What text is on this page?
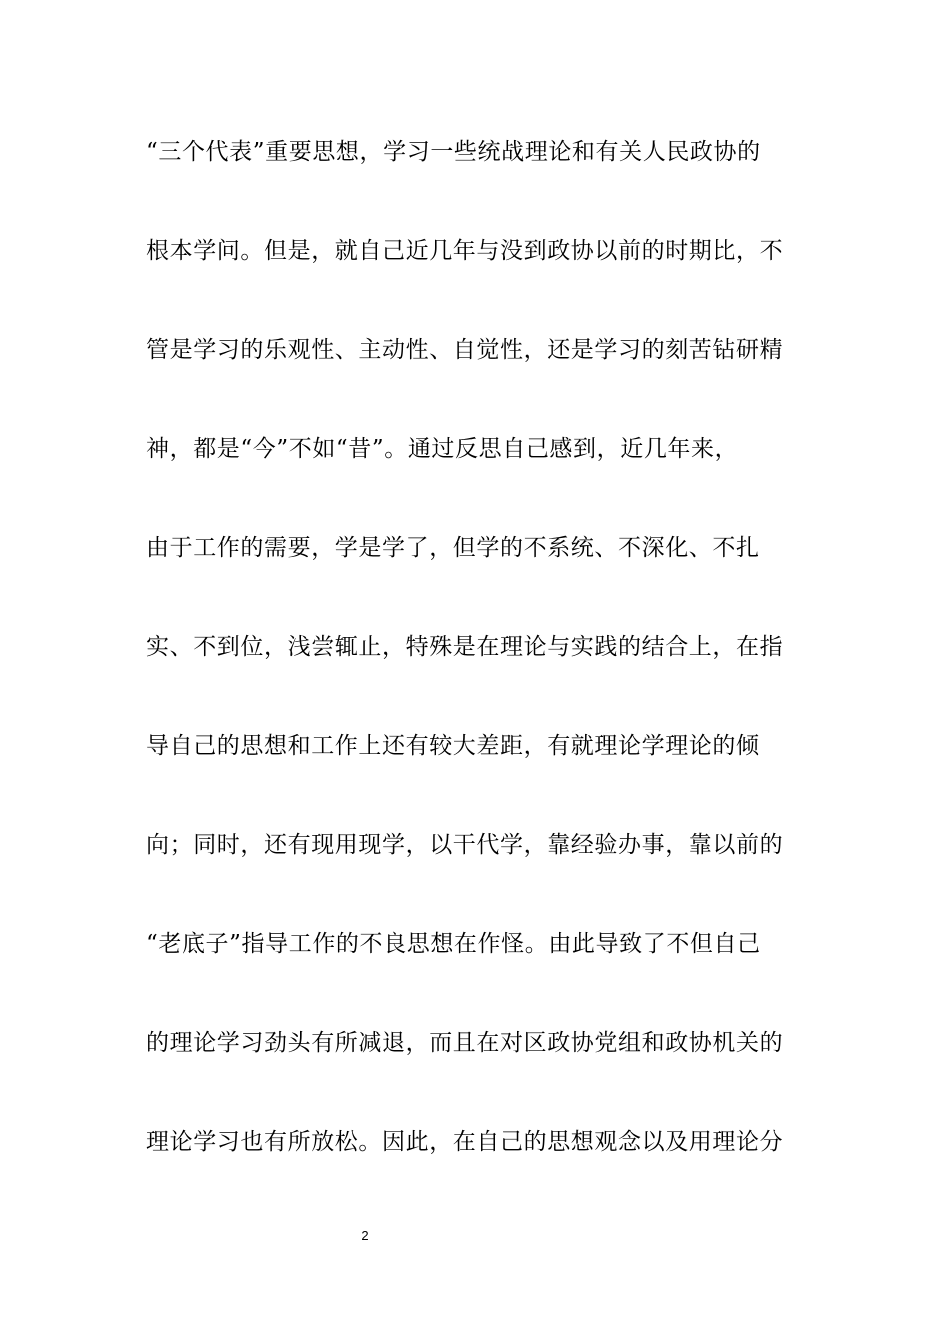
“三个代表”重要思想，学习一些统战理论和有关人民政协的
根本学问。但是，就自己近几年与没到政协以前的时期比，不
管是学习的乐观性、主动性、自觉性，还是学习的刻苦钻研精
神，都是“今”不如“昔”。通过反思自己感到，近几年来，
由于工作的需要，学是学了，但学的不系统、不深化、不扎
实、不到位，浅尝辄止，特殊是在理论与实践的结合上，在指
导自己的思想和工作上还有较大差距，有就理论学理论的倾
向；同时，还有现用现学，以干代学，靠经验办事，靠以前的
“老底子”指导工作的不良思想在作怪。由此导致了不但自己
的理论学习劲头有所减退，而且在对区政协党组和政协机关的
理论学习也有所放松。因此，在自己的思想观念以及用理论分
2
